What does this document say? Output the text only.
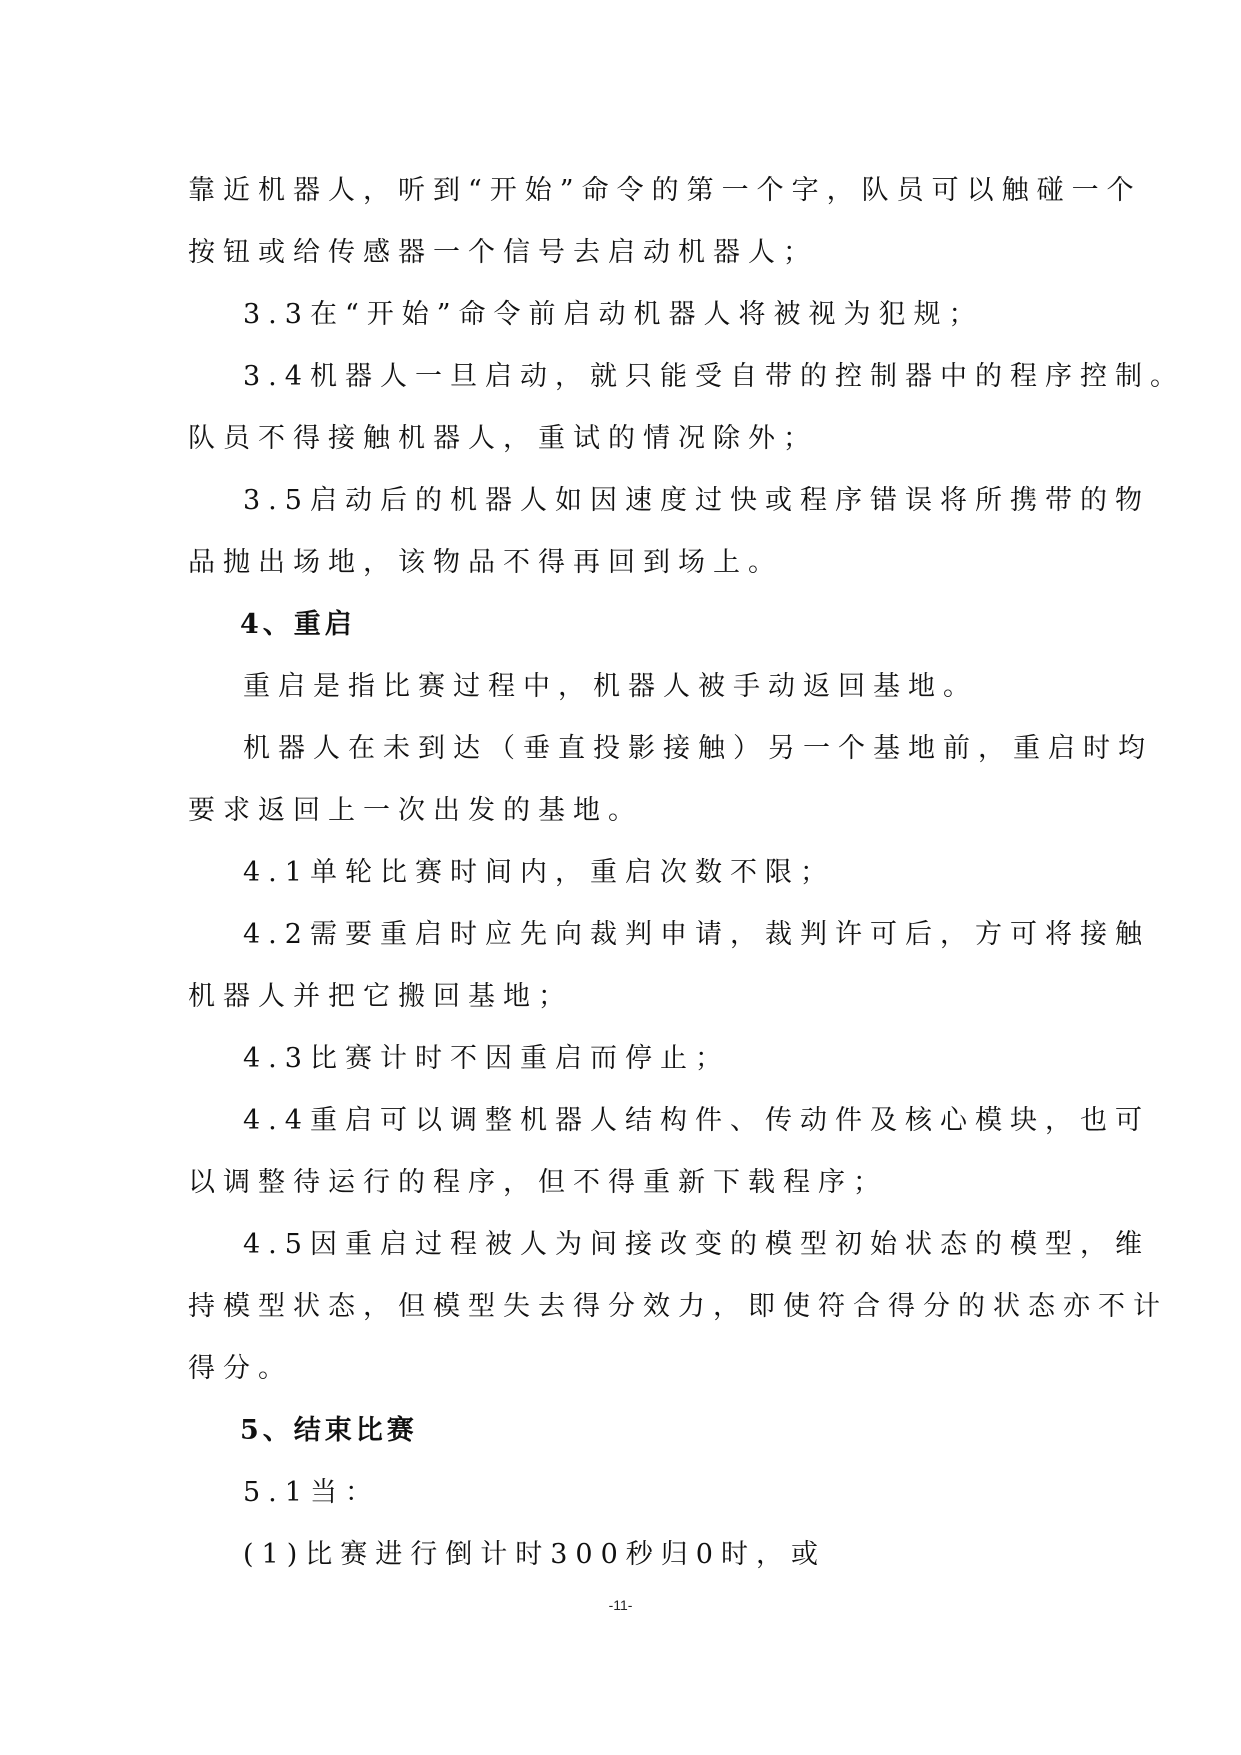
靠近机器人，听到“开始”命令的第一个字，队员可以触碰一个
按钮或给传感器一个信号去启动机器人；
3.3在“开始”命令前启动机器人将被视为犯规；
3.4机器人一旦启动，就只能受自带的控制器中的程序控制。
队员不得接触机器人，重试的情况除外；
3.5启动后的机器人如因速度过快或程序错误将所携带的物
品抛出场地，该物品不得再回到场上。
4、重启
重启是指比赛过程中，机器人被手动返回基地。
机器人在未到达（垂直投影接触）另一个基地前，重启时均
要求返回上一次出发的基地。
4.1单轮比赛时间内，重启次数不限；
4.2需要重启时应先向裁判申请，裁判许可后，方可将接触
机器人并把它搬回基地；
4.3比赛计时不因重启而停止；
4.4重启可以调整机器人结构件、传动件及核心模块，也可
以调整待运行的程序，但不得重新下载程序；
4.5因重启过程被人为间接改变的模型初始状态的模型，维
持模型状态，但模型失去得分效力，即使符合得分的状态亦不计
得分。
5、结束比赛
5.1当：
(1)比赛进行倒计时300秒归0时，或
-11-
